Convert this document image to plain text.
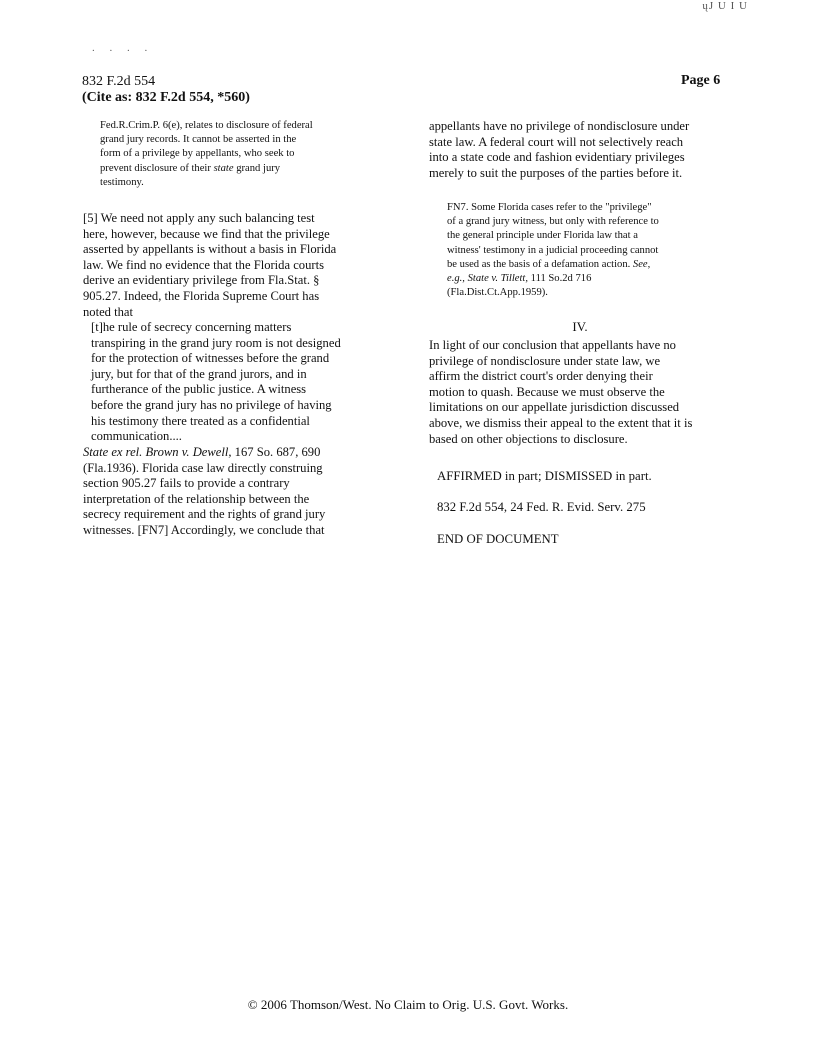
ųJ U I U
. . . .
832 F.2d 554
(Cite as: 832 F.2d 554, *560)
Page 6

Fed.R.Crim.P. 6(e), relates to disclosure of federal

grand jury records. It cannot be asserted in the

form of a privilege by appellants, who seek to

prevent disclosure of their state grand jury

testimony.

[5] We need not apply any such balancing test

here, however, because we find that the privilege

asserted by appellants is without a basis in Florida

law. We find no evidence that the Florida courts

derive an evidentiary privilege from Fla.Stat. §

905.27. Indeed, the Florida Supreme Court has

noted that

[t]he rule of secrecy concerning matters

transpiring in the grand jury room is not designed

for the protection of witnesses before the grand

jury, but for that of the grand jurors, and in

furtherance of the public justice. A witness

before the grand jury has no privilege of having

his testimony there treated as a confidential

communication....

State ex rel. Brown v. Dewell, 167 So. 687, 690

(Fla.1936). Florida case law directly construing

section 905.27 fails to provide a contrary

interpretation of the relationship between the

secrecy requirement and the rights of grand jury

witnesses. [FN7] Accordingly, we conclude that

appellants have no privilege of nondisclosure under

state law. A federal court will not selectively reach

into a state code and fashion evidentiary privileges

merely to suit the purposes of the parties before it.

FN7. Some Florida cases refer to the "privilege"

of a grand jury witness, but only with reference to

the general principle under Florida law that a

witness' testimony in a judicial proceeding cannot

be used as the basis of a defamation action. See,

e.g., State v. Tillett, 111 So.2d 716

(Fla.Dist.Ct.App.1959).

IV.

In light of our conclusion that appellants have no

privilege of nondisclosure under state law, we

affirm the district court's order denying their

motion to quash. Because we must observe the

limitations on our appellate jurisdiction discussed

above, we dismiss their appeal to the extent that it is

based on other objections to disclosure.

AFFIRMED in part; DISMISSED in part.
832 F.2d 554, 24 Fed. R. Evid. Serv. 275
END OF DOCUMENT
© 2006 Thomson/West. No Claim to Orig. U.S. Govt. Works.
